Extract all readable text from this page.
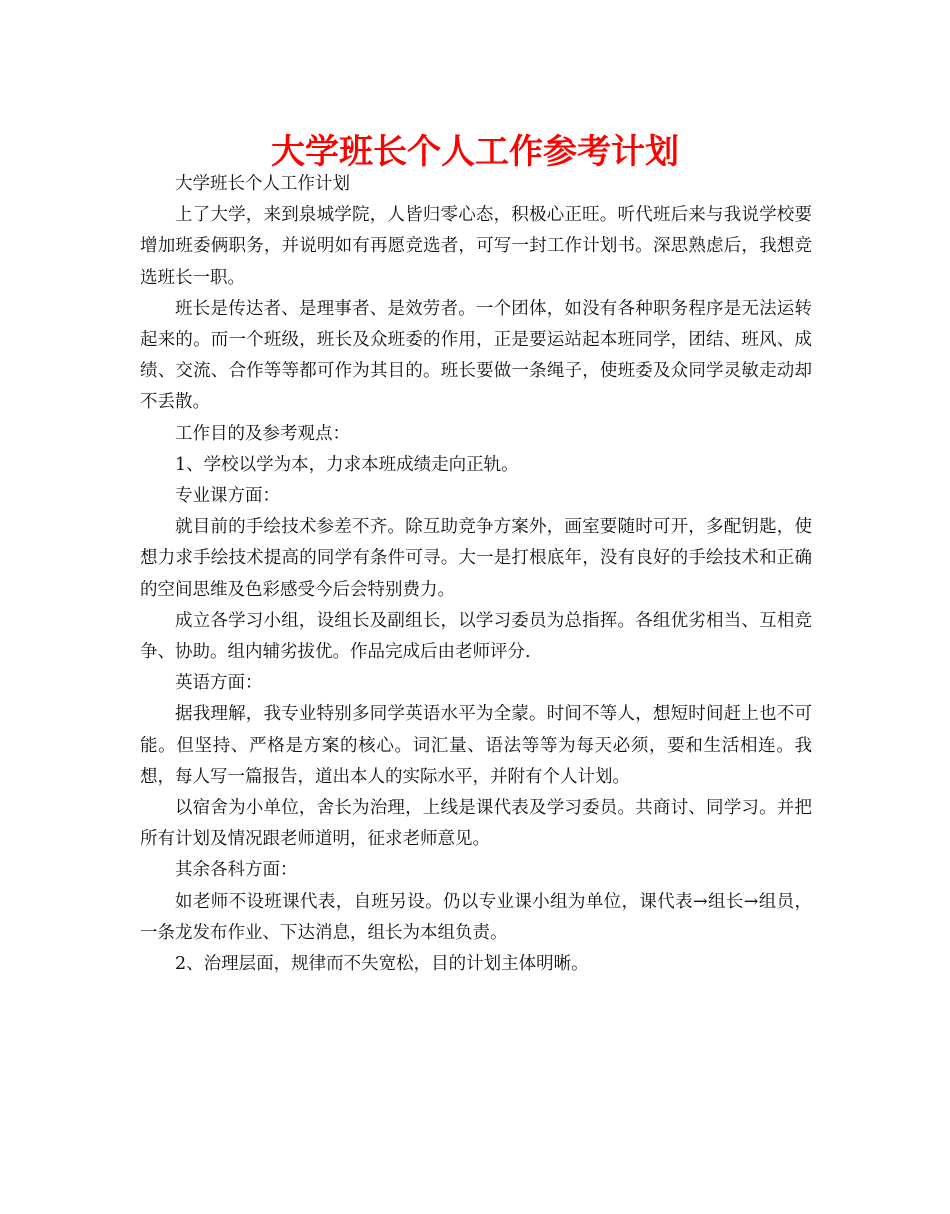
大学班长个人工作参考计划

大学班长个人工作计划

上了大学，来到泉城学院，人皆归零心态，积极心正旺。听代班后来与我说学校要增加班委俩职务，并说明如有再愿竞选者，可写一封工作计划书。深思熟虑后，我想竞选班长一职。

班长是传达者、是理事者、是效劳者。一个团体，如没有各种职务程序是无法运转起来的。而一个班级，班长及众班委的作用，正是要运站起本班同学，团结、班风、成绩、交流、合作等等都可作为其目的。班长要做一条绳子，使班委及众同学灵敏走动却不丢散。

工作目的及参考观点：

1、学校以学为本，力求本班成绩走向正轨。

专业课方面：

就目前的手绘技术参差不齐。除互助竞争方案外，画室要随时可开，多配钥匙，使想力求手绘技术提高的同学有条件可寻。大一是打根底年，没有良好的手绘技术和正确的空间思维及色彩感受今后会特别费力。

成立各学习小组，设组长及副组长，以学习委员为总指挥。各组优劣相当、互相竞争、协助。组内辅劣拔优。作品完成后由老师评分.

英语方面：

据我理解，我专业特别多同学英语水平为全蒙。时间不等人，想短时间赶上也不可能。但坚持、严格是方案的核心。词汇量、语法等等为每天必须，要和生活相连。我想，每人写一篇报告，道出本人的实际水平，并附有个人计划。

以宿舍为小单位，舍长为治理，上线是课代表及学习委员。共商讨、同学习。并把所有计划及情况跟老师道明，征求老师意见。

其余各科方面：

如老师不设班课代表，自班另设。仍以专业课小组为单位，课代表→组长→组员，一条龙发布作业、下达消息，组长为本组负责。

2、治理层面，规律而不失宽松，目的计划主体明晰。
